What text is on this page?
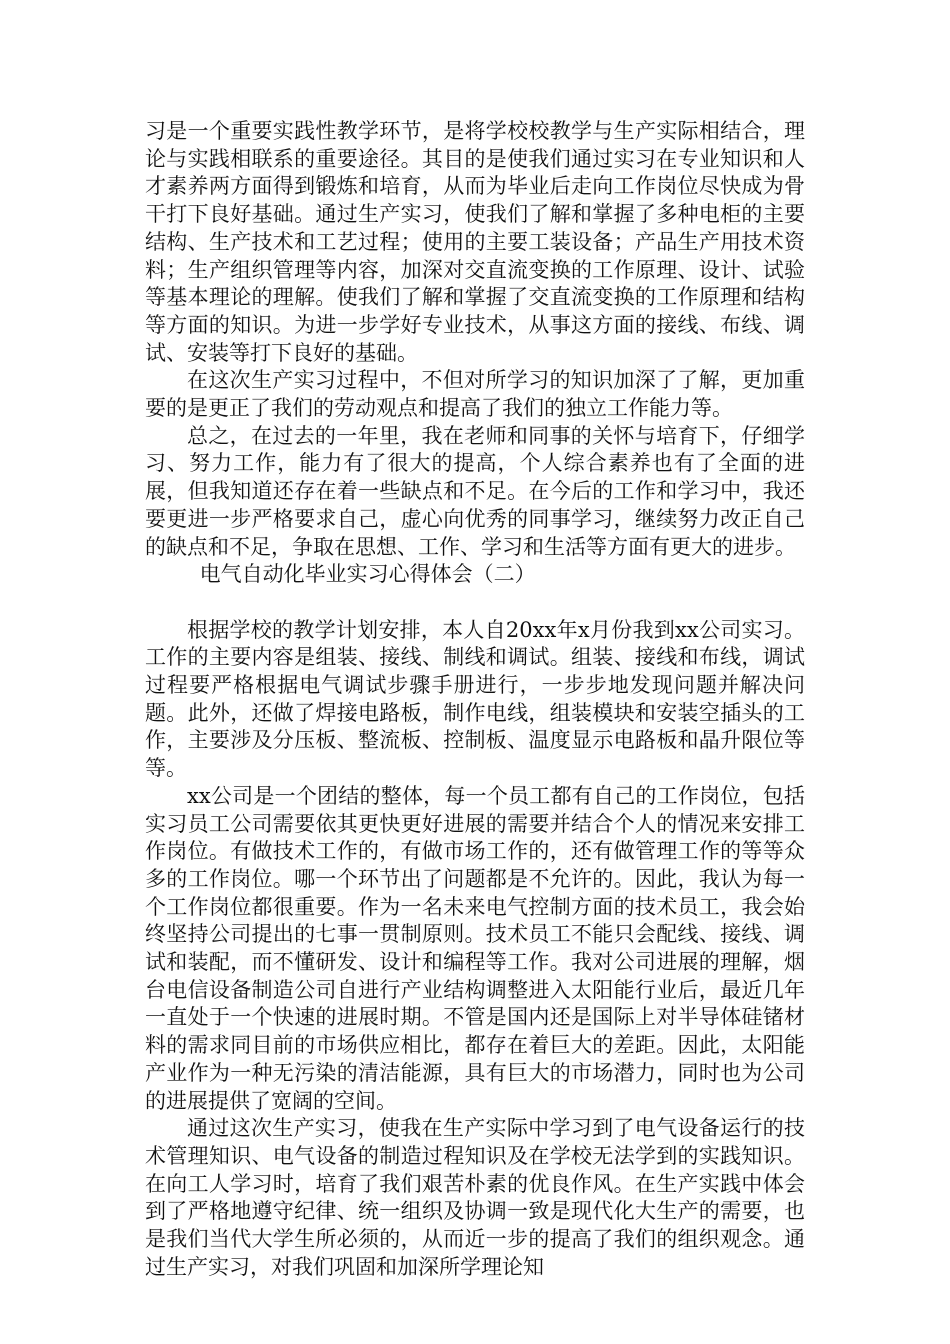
习是一个重要实践性教学环节，是将学校校教学与生产实际相结合，理论与实践相联系的重要途径。其目的是使我们通过实习在专业知识和人才素养两方面得到锻炼和培育，从而为毕业后走向工作岗位尽快成为骨干打下良好基础。通过生产实习，使我们了解和掌握了多种电柜的主要结构、生产技术和工艺过程；使用的主要工装设备；产品生产用技术资料；生产组织管理等内容，加深对交直流变换的工作原理、设计、试验等基本理论的理解。使我们了解和掌握了交直流变换的工作原理和结构等方面的知识。为进一步学好专业技术，从事这方面的接线、布线、调试、安装等打下良好的基础。

在这次生产实习过程中，不但对所学习的知识加深了了解，更加重要的是更正了我们的劳动观点和提高了我们的独立工作能力等。

总之，在过去的一年里，我在老师和同事的关怀与培育下，仔细学习、努力工作，能力有了很大的提高，个人综合素养也有了全面的进展，但我知道还存在着一些缺点和不足。在今后的工作和学习中，我还要更进一步严格要求自己，虚心向优秀的同事学习，继续努力改正自己的缺点和不足，争取在思想、工作、学习和生活等方面有更大的进步。

电气自动化毕业实习心得体会（二）

根据学校的教学计划安排，本人自20xx年x月份我到xx公司实习。工作的主要内容是组装、接线、制线和调试。组装、接线和布线，调试过程要严格根据电气调试步骤手册进行，一步步地发现问题并解决问题。此外，还做了焊接电路板，制作电线，组装模块和安装空插头的工作，主要涉及分压板、整流板、控制板、温度显示电路板和晶升限位等等。

xx公司是一个团结的整体，每一个员工都有自己的工作岗位，包括实习员工公司需要依其更快更好进展的需要并结合个人的情况来安排工作岗位。有做技术工作的，有做市场工作的，还有做管理工作的等等众多的工作岗位。哪一个环节出了问题都是不允许的。因此，我认为每一个工作岗位都很重要。作为一名未来电气控制方面的技术员工，我会始终坚持公司提出的七事一贯制原则。技术员工不能只会配线、接线、调试和装配，而不懂研发、设计和编程等工作。我对公司进展的理解，烟台电信设备制造公司自进行产业结构调整进入太阳能行业后，最近几年一直处于一个快速的进展时期。不管是国内还是国际上对半导体硅锗材料的需求同目前的市场供应相比，都存在着巨大的差距。因此，太阳能产业作为一种无污染的清洁能源，具有巨大的市场潜力，同时也为公司的进展提供了宽阔的空间。

通过这次生产实习，使我在生产实际中学习到了电气设备运行的技术管理知识、电气设备的制造过程知识及在学校无法学到的实践知识。在向工人学习时，培育了我们艰苦朴素的优良作风。在生产实践中体会到了严格地遵守纪律、统一组织及协调一致是现代化大生产的需要，也是我们当代大学生所必须的，从而近一步的提高了我们的组织观念。通过生产实习，对我们巩固和加深所学理论知
